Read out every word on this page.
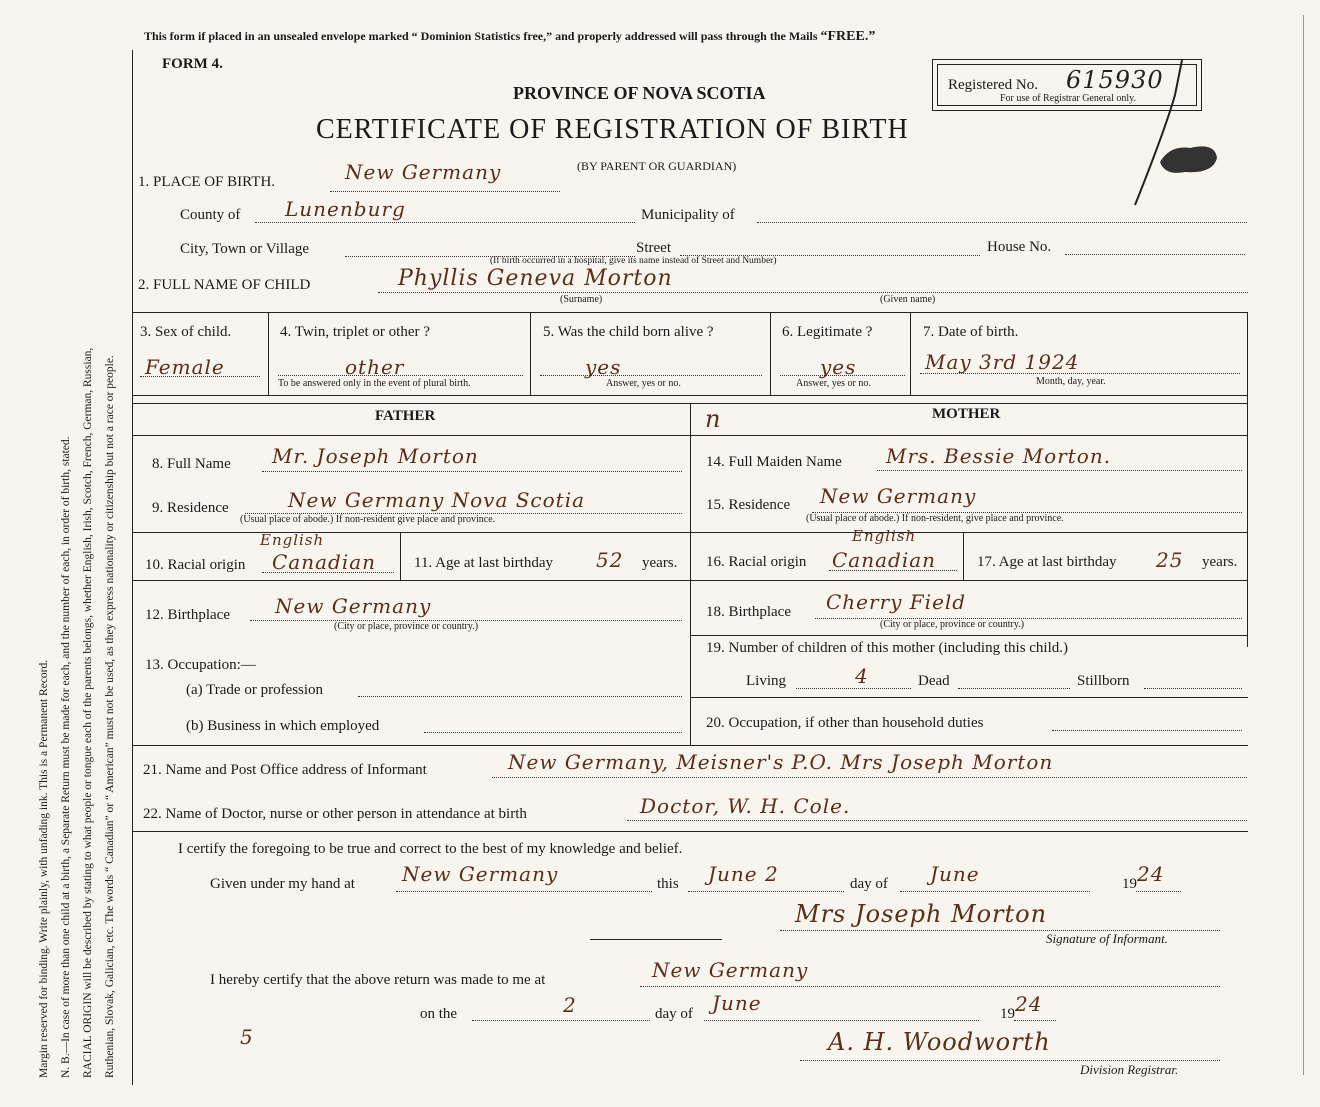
Margin reserved for binding. Write plainly, with unfading ink. This is a Permanent Record. N. B.—In case of more than one child at a birth, a Separate Return must be made for each, and the number of each, in order of birth, stated. RACIAL ORIGIN will be described by stating to what people or tongue each of the parents belongs, whether English, Irish, Scotch, French, German, Russian, Ruthenian, Slovak, Galician, etc. The words “ Canadian” or “ American” must not be used, as they express nationality or citizenship but not a race or people.
This form if placed in an unsealed envelope marked “ Dominion Statistics free,” and properly addressed will pass through the Mails “FREE.”
FORM 4.
PROVINCE OF NOVA SCOTIA
CERTIFICATE OF REGISTRATION OF BIRTH
(BY PARENT OR GUARDIAN)
Registered No. 615930
For use of Registrar General only.
1. PLACE OF BIRTH.	New Germany
County of Lunenburg	Municipality of
City, Town or Village	Street	House No.
(If birth occurred in a hospital, give its name instead of Street and Number)
2. FULL NAME OF CHILD	Phyllis Geneva Morton
(Surname)	(Given name)
3. Sex of child.
Female
4. Twin, triplet or other ?
other
To be answered only in the event of plural birth.
5. Was the child born alive ?
yes
Answer, yes or no.
6. Legitimate ?
yes
Answer, yes or no.
7. Date of birth.
May 3rd 1924
Month, day, year.
FATHER	n	MOTHER
8. Full Name Mr. Joseph Morton
9. Residence	New Germany Nova Scotia
(Usual place of abode.) If non-resident give place and province.
10. Racial origin
English
Canadian	11. Age at last birthday 52 years.
12. Birthplace New Germany
(City or place, province or country.)
13. Occupation:—
(a) Trade or profession
(b) Business in which employed
14. Full Maiden Name Mrs. Bessie Morton.
15. Residence New Germany
(Usual place of abode.) If non-resident, give place and province.
16. Racial origin
English
Canadian	17. Age at last birthday 25 years.
18. Birthplace Cherry Field
(City or place, province or country.)
19. Number of children of this mother (including this child.)
Living	4	Dead	Stillborn
20. Occupation, if other than household duties
21. Name and Post Office address of Informant	New Germany, Meisner's P.O. Mrs Joseph Morton
22. Name of Doctor, nurse or other person in attendance at birth	Doctor, W. H. Cole.
I certify the foregoing to be true and correct to the best of my knowledge and belief.
Given under my hand at New Germany	this June 2	day of June	19 24
Mrs Joseph Morton
Signature of Informant.
I hereby certify that the above return was made to me at	New Germany
5
on the	2	day of June	19 24
A. H. Woodworth
Division Registrar.
